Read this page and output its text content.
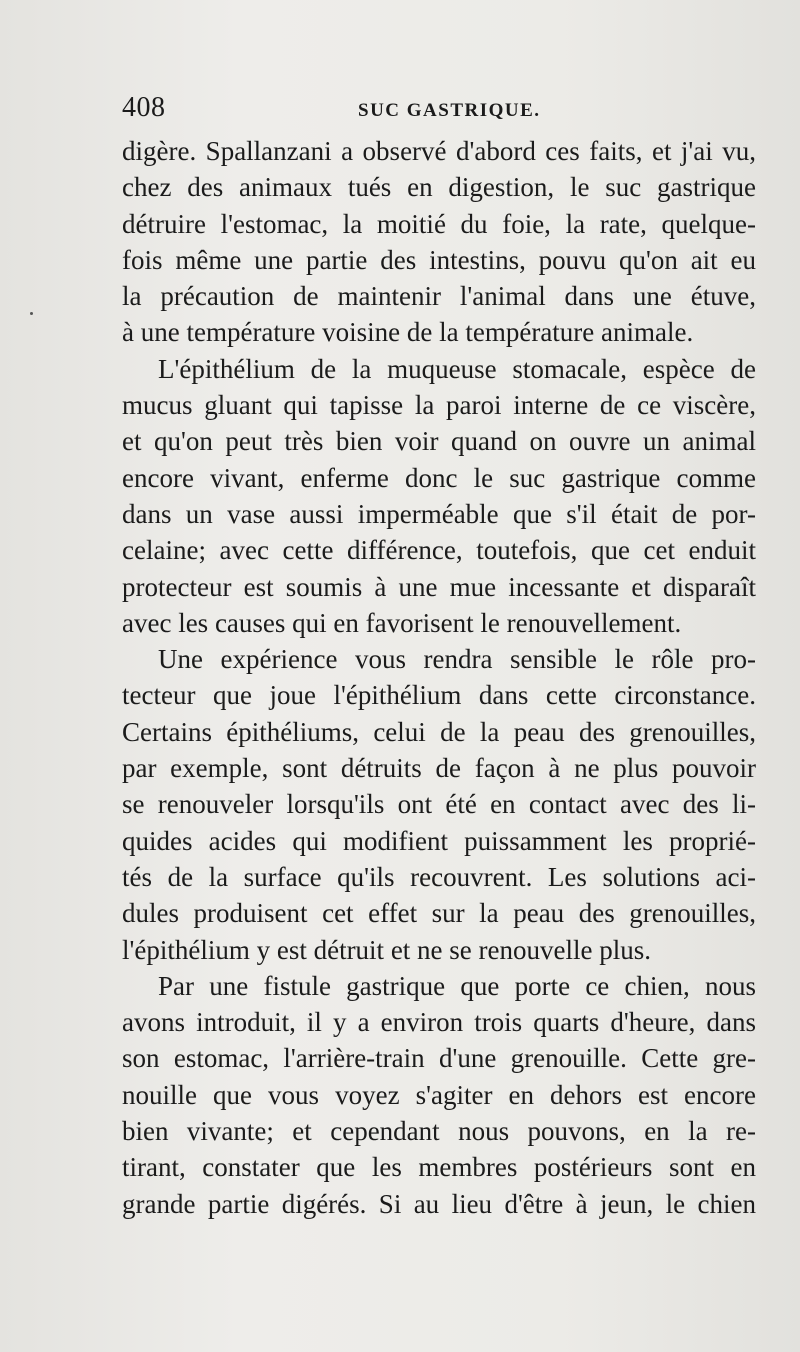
408	SUC GASTRIQUE.
digère. Spallanzani a observé d'abord ces faits, et j'ai vu,
chez des animaux tués en digestion, le suc gastrique
détruire l'estomac, la moitié du foie, la rate, quelque-
fois même une partie des intestins, pouvu qu'on ait eu
la précaution de maintenir l'animal dans une étuve,
à une température voisine de la température animale.
L'épithélium de la muqueuse stomacale, espèce de
mucus gluant qui tapisse la paroi interne de ce viscère,
et qu'on peut très bien voir quand on ouvre un animal
encore vivant, enferme donc le suc gastrique comme
dans un vase aussi imperméable que s'il était de por-
celaine; avec cette différence, toutefois, que cet enduit
protecteur est soumis à une mue incessante et disparaît
avec les causes qui en favorisent le renouvellement.
Une expérience vous rendra sensible le rôle pro-
tecteur que joue l'épithélium dans cette circonstance.
Certains épithéliums, celui de la peau des grenouilles,
par exemple, sont détruits de façon à ne plus pouvoir
se renouveler lorsqu'ils ont été en contact avec des li-
quides acides qui modifient puissamment les proprié-
tés de la surface qu'ils recouvrent. Les solutions aci-
dules produisent cet effet sur la peau des grenouilles,
l'épithélium y est détruit et ne se renouvelle plus.
Par une fistule gastrique que porte ce chien, nous
avons introduit, il y a environ trois quarts d'heure, dans
son estomac, l'arrière-train d'une grenouille. Cette gre-
nouille que vous voyez s'agiter en dehors est encore
bien vivante; et cependant nous pouvons, en la re-
tirant, constater que les membres postérieurs sont en
grande partie digérés. Si au lieu d'être à jeun, le chien
